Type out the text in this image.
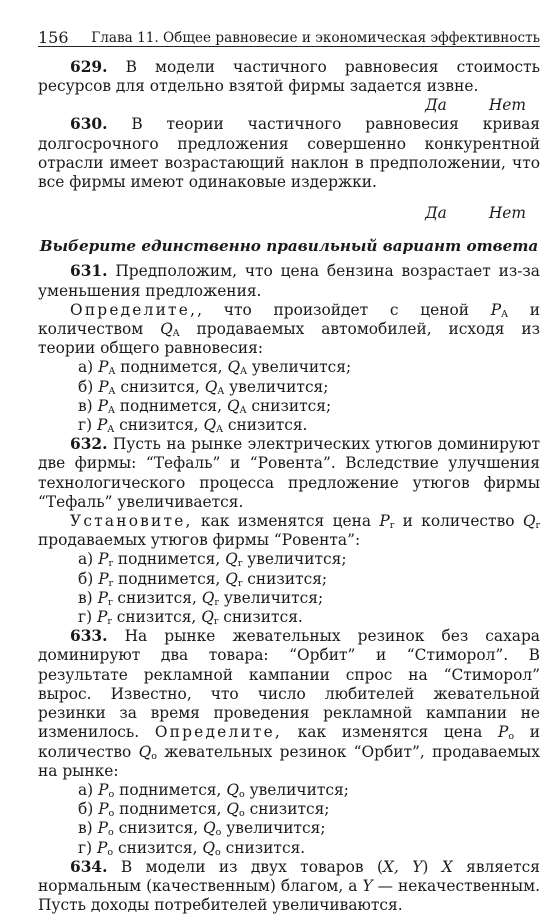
156 Глава 11. Общее равновесие и экономическая эффективность

629. В модели частичного равновесия стоимость ресурсов для отдельно взятой фирмы задается извне.

Да	Нет

630. В теории частичного равновесия кривая долгосрочного предложения совершенно конкурентной отрасли имеет возрастающий наклон в предположении, что все фирмы имеют одинаковые издержки.

Да	Нет
Выберите единственно правильный вариант ответа

631. Предположим, что цена бензина возрастает из-за уменьшения предложения.

Определите,, что произойдет с ценой $P_A$ и количеством $Q_A$ продаваемых автомобилей, исходя из теории общего равновесия:

а) $P_A$ поднимется, $Q_A$ увеличится;
б) $P_A$ снизится, $Q_A$ увеличится;
в) $P_A$ поднимется, $Q_A$ снизится;
г) $P_A$ снизится, $Q_A$ снизится.

632. Пусть на рынке электрических утюгов доминируют две фирмы: “Тефаль” и “Ровента”. Вследствие улучшения технологического процесса предложение утюгов фирмы “Тефаль” увеличивается.

Установите, как изменятся цена $P_r$ и количество $Q_r$ продаваемых утюгов фирмы “Ровента”:

а) $P_r$ поднимется, $Q_r$ увеличится;
б) $P_r$ поднимется, $Q_r$ снизится;
в) $P_r$ снизится, $Q_r$ увеличится;
г) $P_r$ снизится, $Q_r$ снизится.

633. На рынке жевательных резинок без сахара доминируют два товара: “Орбит” и “Стиморол”. В результате рекламной кампании спрос на “Стиморол” вырос. Известно, что число любителей жевательной резинки за время проведения рекламной кампании не изменилось. Определите, как изменятся цена $P_o$ и количество $Q_o$ жевательных резинок “Орбит”, продаваемых на рынке:

а) $P_o$ поднимется, $Q_o$ увеличится;
б) $P_o$ поднимется, $Q_o$ снизится;
в) $P_o$ снизится, $Q_o$ увеличится;
г) $P_o$ снизится, $Q_o$ снизится.

634. В модели из двух товаров (X, Y) X является нормальным (качественным) благом, а Y — некачественным. Пусть доходы потребителей увеличиваются.
